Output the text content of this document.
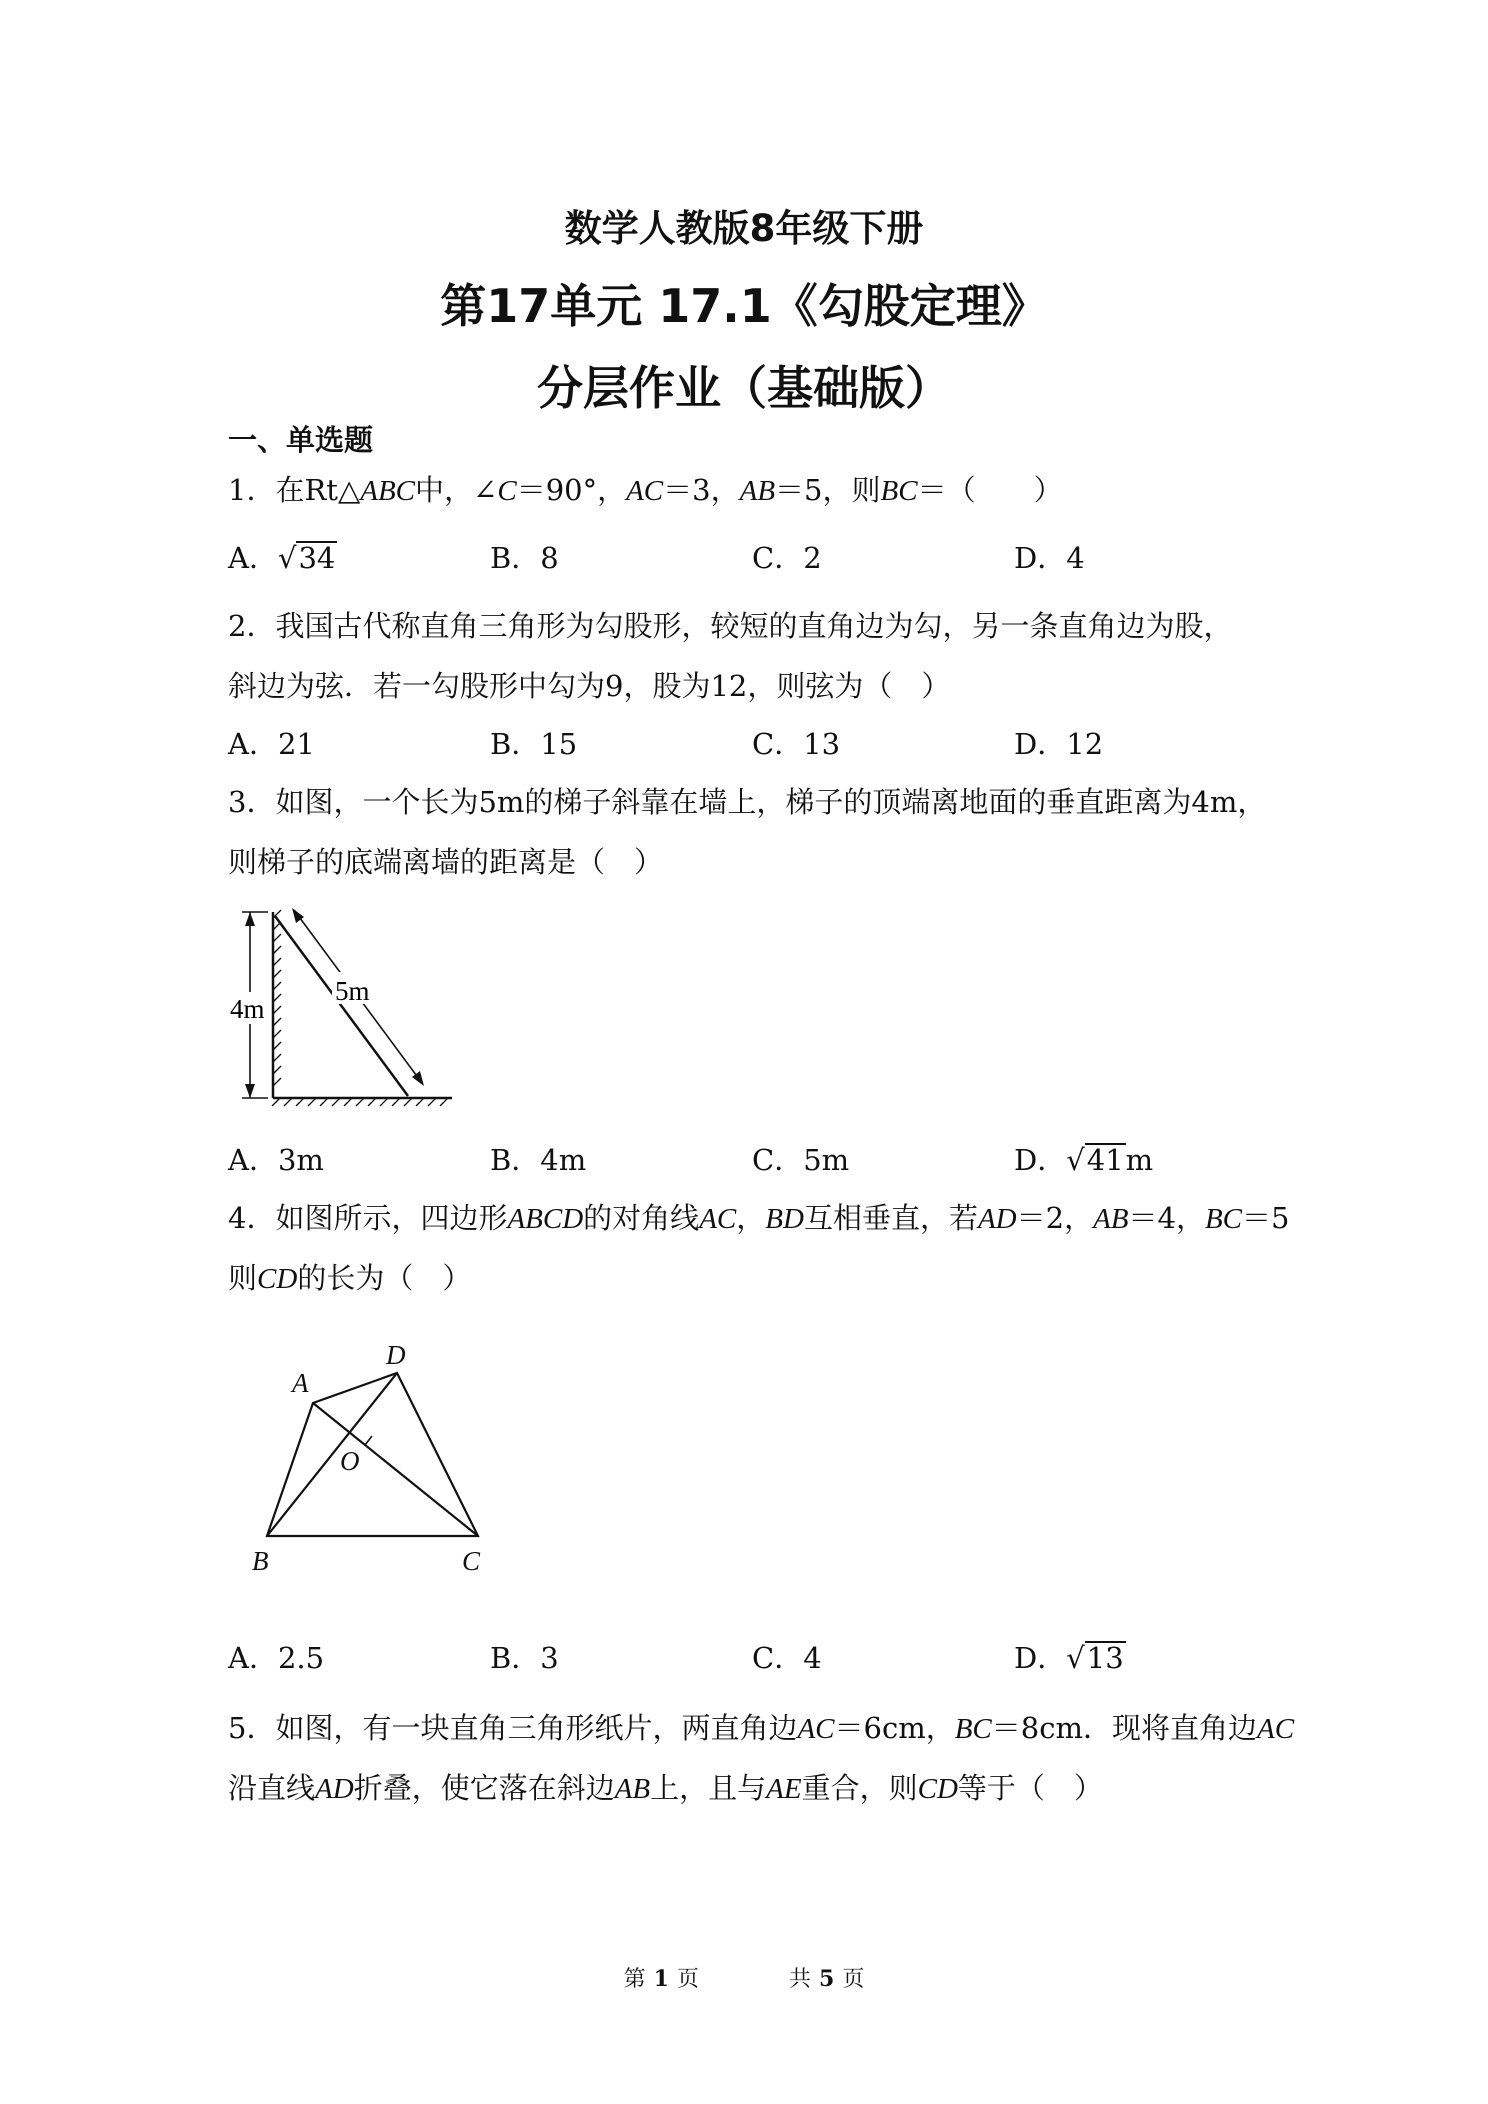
数学人教版8年级下册
第17单元 17.1《勾股定理》
分层作业（基础版）
一、单选题
1．在Rt△ABC中，∠C＝90°，AC＝3，AB＝5，则BC＝（　　）
A．√34	B．8	C．2	D．4
2．我国古代称直角三角形为勾股形，较短的直角边为勾，另一条直角边为股，
斜边为弦．若一勾股形中勾为9，股为12，则弦为（　）
A．21	B．15	C．13	D．12
3．如图，一个长为5m的梯子斜靠在墙上，梯子的顶端离地面的垂直距离为4m，
则梯子的底端离墙的距离是（　）
4m
5m
A．3m	B．4m	C．5m	D．√41m
4．如图所示，四边形ABCD的对角线AC，BD互相垂直，若AD＝2，AB＝4，BC＝5
则CD的长为（　）
A
D
O
B	C
A．2.5	B．3	C．4	D．√13
5．如图，有一块直角三角形纸片，两直角边AC＝6cm，BC＝8cm．现将直角边AC
沿直线AD折叠，使它落在斜边AB上，且与AE重合，则CD等于（　）
第 1 页	共 5 页
